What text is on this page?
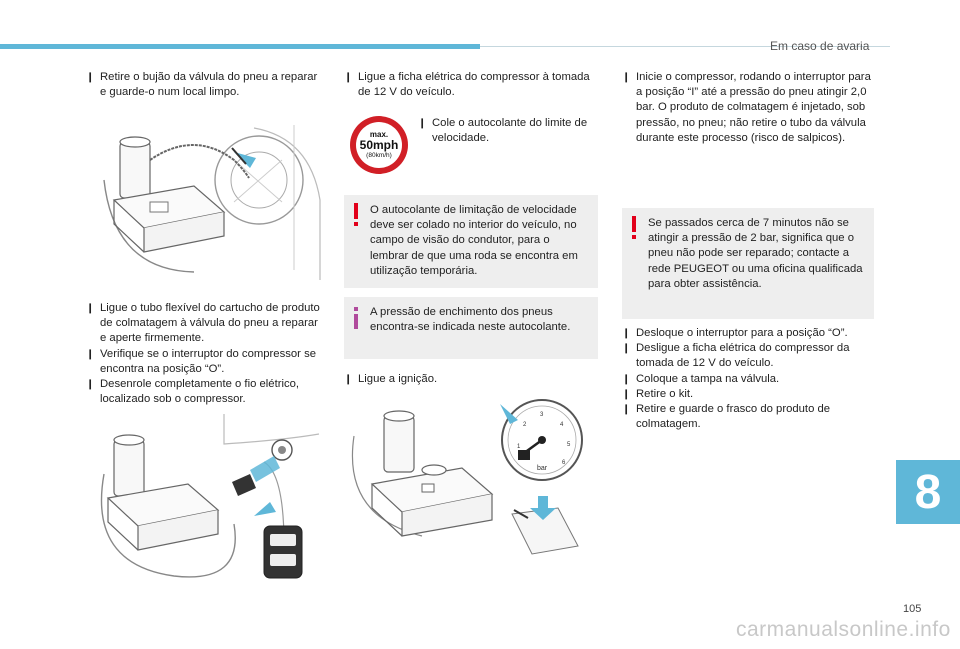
Em caso de avaria
❙ Retire o bujão da válvula do pneu a reparar e guarde-o num local limpo.
❙ Ligue o tubo flexível do cartucho de produto de colmatagem à válvula do pneu a reparar e aperte firmemente.
❙ Verifique se o interruptor do compressor se encontra na posição “O”.
❙ Desenrole completamente o fio elétrico, localizado sob o compressor.
❙ Ligue a ficha elétrica do compressor à tomada de 12 V do veículo.
max.
50mph
(80km/h)
❙ Cole o autocolante do limite de velocidade.
O autocolante de limitação de velocidade deve ser colado no interior do veículo, no campo de visão do condutor, para o lembrar de que uma roda se encontra em utilização temporária.
A pressão de enchimento dos pneus encontra-se indicada neste autocolante.
❙ Ligue a ignição.
1
2
3
4
5
6
bar
❙ Inicie o compressor, rodando o interruptor para a posição “I” até a pressão do pneu atingir 2,0 bar. O produto de colmatagem é injetado, sob pressão, no pneu; não retire o tubo da válvula durante este processo (risco de salpicos).
Se passados cerca de 7 minutos não se atingir a pressão de 2 bar, significa que o pneu não pode ser reparado; contacte a rede PEUGEOT ou uma oficina qualificada para obter assistência.
❙ Desloque o interruptor para a posição “O”.
❙ Desligue a ficha elétrica do compressor da tomada de 12 V do veículo.
❙ Coloque a tampa na válvula.
❙ Retire o kit.
❙ Retire e guarde o frasco do produto de colmatagem.
8
105
carmanualsonline.info
